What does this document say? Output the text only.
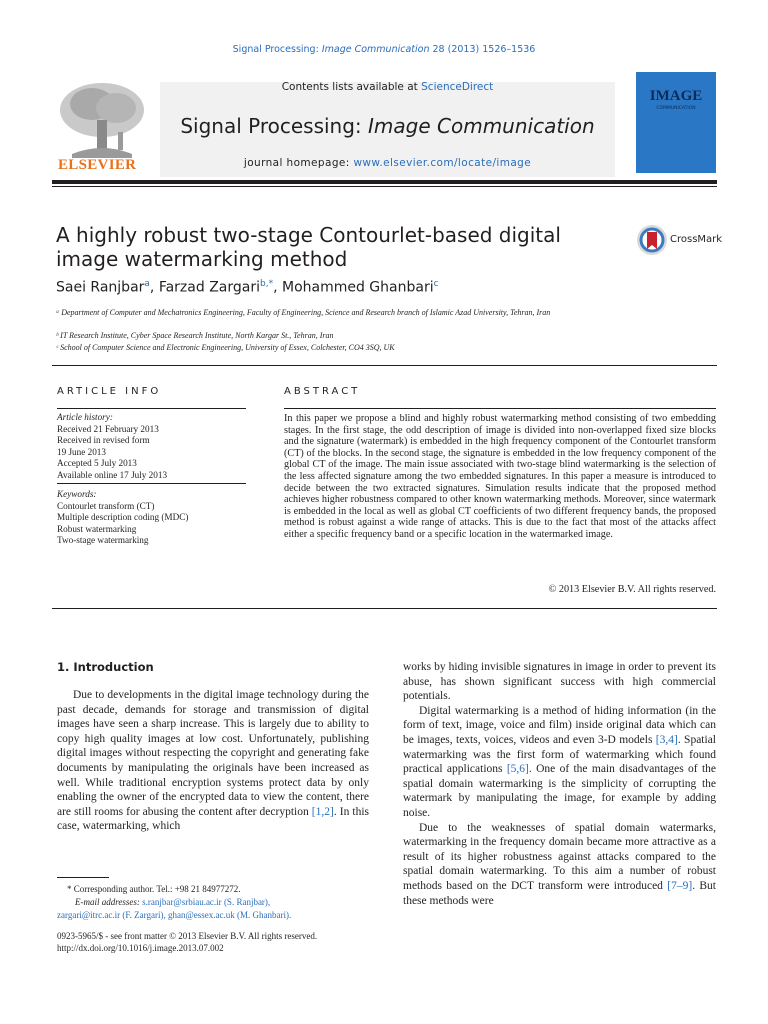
Signal Processing: Image Communication 28 (2013) 1526–1536
ELSEVIER
Contents lists available at ScienceDirect
Signal Processing: Image Communication
journal homepage: www.elsevier.com/locate/image
IMAGE
COMMUNICATION
A highly robust two-stage Contourlet-based digital image watermarking method
CrossMark
Saei Ranjbar$^a$, Farzad Zargari$^{b,*}$, Mohammed Ghanbari$^c$
ᵃ Department of Computer and Mechatronics Engineering, Faculty of Engineering, Science and Research branch of Islamic Azad University, Tehran, Iran
ᵇ IT Research Institute, Cyber Space Research Institute, North Kargar St., Tehran, Iran
ᶜ School of Computer Science and Electronic Engineering, University of Essex, Colchester, CO4 3SQ, UK
ARTICLE INFO	ABSTRACT
Article history:
Received 21 February 2013
Received in revised form
19 June 2013
Accepted 5 July 2013
Available online 17 July 2013
Keywords:
Contourlet transform (CT)
Multiple description coding (MDC)
Robust watermarking
Two-stage watermarking
In this paper we propose a blind and highly robust watermarking method consisting of two embedding stages. In the first stage, the odd description of image is divided into non-overlapped fixed size blocks and the signature (watermark) is embedded in the high frequency component of the Contourlet transform (CT) of the blocks. In the second stage, the signature is embedded in the low frequency component of the global CT of the image. The main issue associated with two-stage blind watermarking is the selection of the less affected signature among the two embedded signatures. In this paper a measure is introduced to decide between the two extracted signatures. Simulation results indicate that the proposed method achieves higher robustness compared to other known watermarking methods. Moreover, since watermark is embedded in the local as well as global CT coefficients of two different frequency bands, the proposed method is robust against a wide range of attacks. This is due to the fact that most of the attacks affect either a specific frequency band or a specific location in the watermarked image.
© 2013 Elsevier B.V. All rights reserved.
1. Introduction
Due to developments in the digital image technology during the past decade, demands for storage and transmission of digital images have seen a sharp increase. This is largely due to ability to copy high quality images at low cost. Unfortunately, publishing digital images without respecting the copyright and generating fake documents by manipulating the originals have been increased as well. While traditional encryption systems protect data by only enabling the owner of the encrypted data to view the content, there are still rooms for abusing the content after decryption [1,2]. In this case, watermarking, which
* Corresponding author. Tel.: +98 21 84977272.
E-mail addresses: s.ranjbar@srbiau.ac.ir (S. Ranjbar),
zargari@itrc.ac.ir (F. Zargari), ghan@essex.ac.uk (M. Ghanbari).
0923-5965/$ - see front matter © 2013 Elsevier B.V. All rights reserved.
http://dx.doi.org/10.1016/j.image.2013.07.002
works by hiding invisible signatures in image in order to prevent its abuse, has shown significant success with high commercial potentials.
Digital watermarking is a method of hiding information (in the form of text, image, voice and film) inside original data which can be images, texts, voices, videos and even 3-D models [3,4]. Spatial watermarking was the first form of watermarking which found practical applications [5,6]. One of the main disadvantages of the spatial domain watermarking is the simplicity of corrupting the watermark by manipulating the image, for example by adding noise.
Due to the weaknesses of spatial domain watermarks, watermarking in the frequency domain became more attractive as a result of its higher robustness against attacks compared to the spatial domain watermarking. To this aim a number of robust methods based on the DCT transform were introduced [7–9]. But these methods were
